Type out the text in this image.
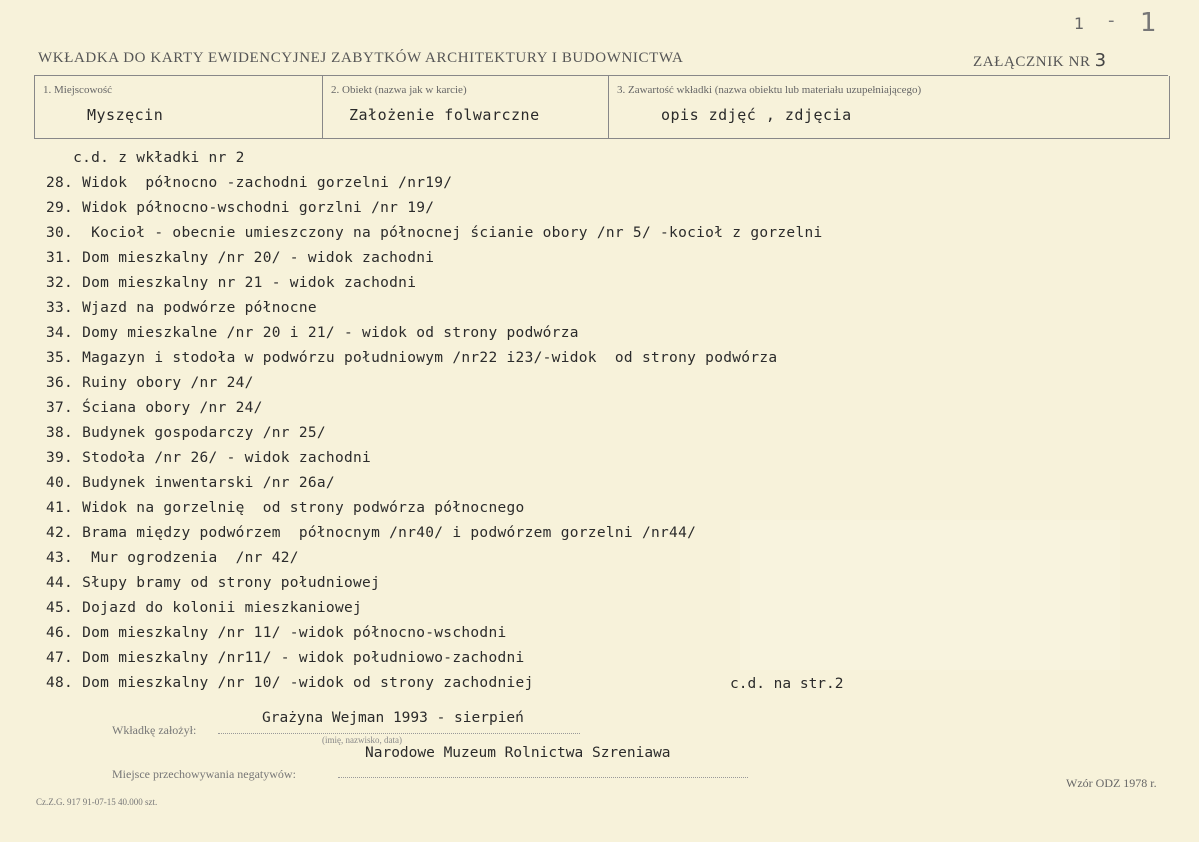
WKŁADKA DO KARTY EWIDENCYJNEJ ZABYTKÓW ARCHITEKTURY I BUDOWNICTWA	ZAŁĄCZNIK NR 3
1 - 1
1. Miejscowość
Myszęcin
2. Obiekt (nazwa jak w karcie)
Założenie folwarczne
3. Zawartość wkładki (nazwa obiektu lub materiału uzupełniającego)
opis zdjęć , zdjęcia
c.d. z wkładki nr 2
28. Widok  północno -zachodni gorzelni /nr19/
29. Widok północno-wschodni gorzlni /nr 19/
30.  Kocioł - obecnie umieszczony na północnej ścianie obory /nr 5/ -kocioł z gorzelni
31. Dom mieszkalny /nr 20/ - widok zachodni
32. Dom mieszkalny nr 21 - widok zachodni
33. Wjazd na podwórze północne
34. Domy mieszkalne /nr 20 i 21/ - widok od strony podwórza
35. Magazyn i stodoła w podwórzu południowym /nr22 i23/-widok  od strony podwórza
36. Ruiny obory /nr 24/
37. Ściana obory /nr 24/
38. Budynek gospodarczy /nr 25/
39. Stodoła /nr 26/ - widok zachodni
40. Budynek inwentarski /nr 26a/
41. Widok na gorzelnię  od strony podwórza północnego
42. Brama między podwórzem  północnym /nr40/ i podwórzem gorzelni /nr44/
43.  Mur ogrodzenia  /nr 42/
44. Słupy bramy od strony południowej
45. Dojazd do kolonii mieszkaniowej
46. Dom mieszkalny /nr 11/ -widok północno-wschodni
47. Dom mieszkalny /nr11/ - widok południowo-zachodni
48. Dom mieszkalny /nr 10/ -widok od strony zachodniej	c.d. na str.2
Wkładkę założył:
Grażyna Wejman 1993 - sierpień
(imię, nazwisko, data)
Miejsce przechowywania negatywów:
Narodowe Muzeum Rolnictwa Szreniawa
Wzór ODZ 1978 r.
Cz.Z.G. 917 91-07-15 40.000 szt.
